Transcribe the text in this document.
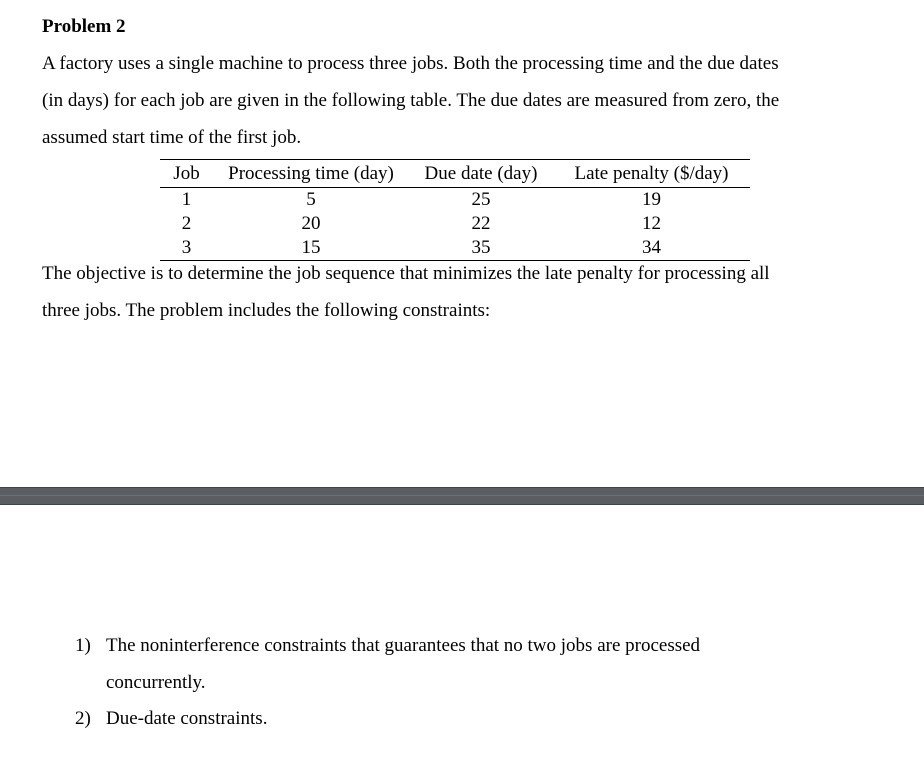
Problem 2

A factory uses a single machine to process three jobs. Both the processing time and the due dates

(in days) for each job are given in the following table. The due dates are measured from zero, the

assumed start time of the first job.

Job	Processing time (day)	Due date (day)	Late penalty ($/day)
1	5	25	19
2	20	22	12
3	15	35	34

The objective is to determine the job sequence that minimizes the late penalty for processing all

three jobs. The problem includes the following constraints:

1) The noninterference constraints that guarantees that no two jobs are processed
concurrently.
2) Due-date constraints.
